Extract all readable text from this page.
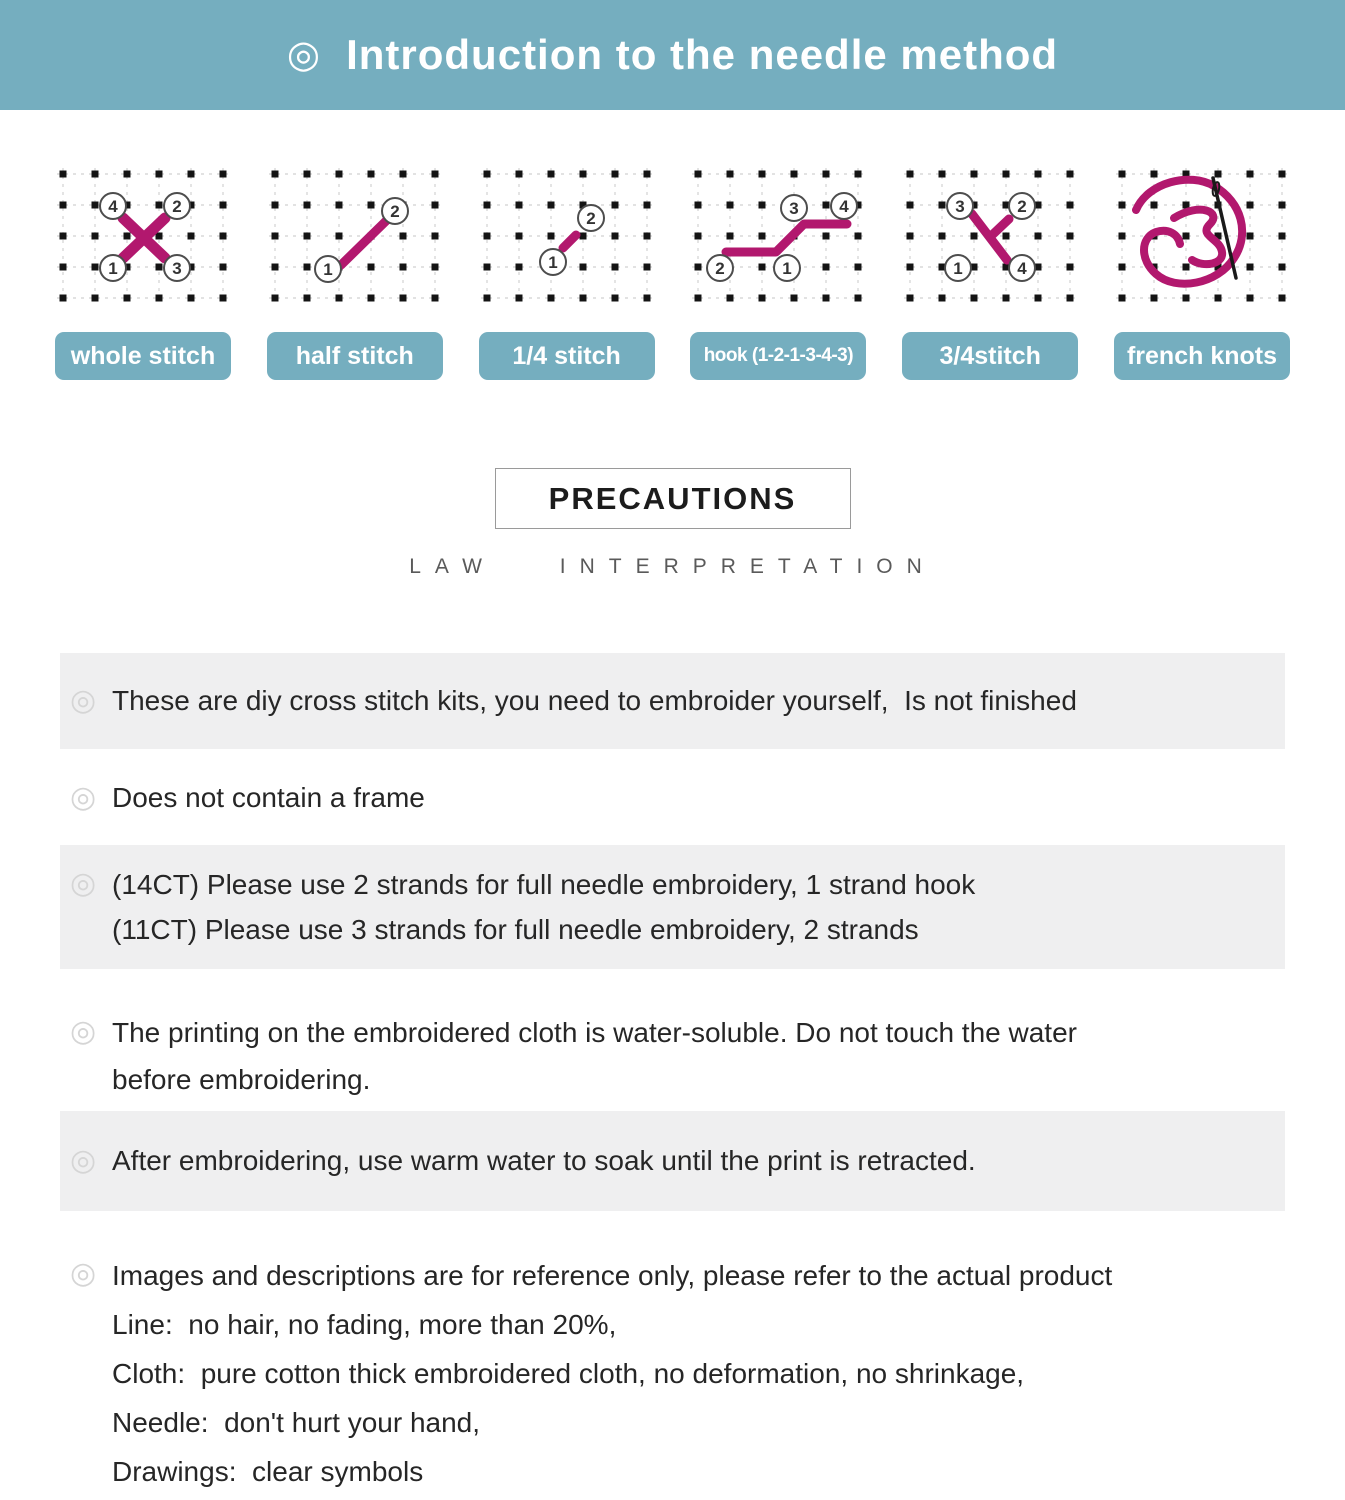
◎ Introduction to the needle method
4	2
1	3
whole stitch
1
2
half stitch
1
2
1/4 stitch
2	1
3 4
hook (1-2-1-3-4-3)
3	2
1	4
3/4stitch	french knots
PRECAUTIONS
LAW INTERPRETATION
◎ These are diy cross stitch kits, you need to embroider yourself,  Is not finished
◎ Does not contain a frame
◎ (14CT) Please use 2 strands for full needle embroidery, 1 strand hook
(11CT) Please use 3 strands for full needle embroidery, 2 strands
◎ The printing on the embroidered cloth is water-soluble. Do not touch the water
before embroidering.
◎ After embroidering, use warm water to soak until the print is retracted.
◎ Images and descriptions are for reference only, please refer to the actual product
Line:  no hair, no fading, more than 20%,
Cloth:  pure cotton thick embroidered cloth, no deformation, no shrinkage,
Needle:  don't hurt your hand,
Drawings:  clear symbols
